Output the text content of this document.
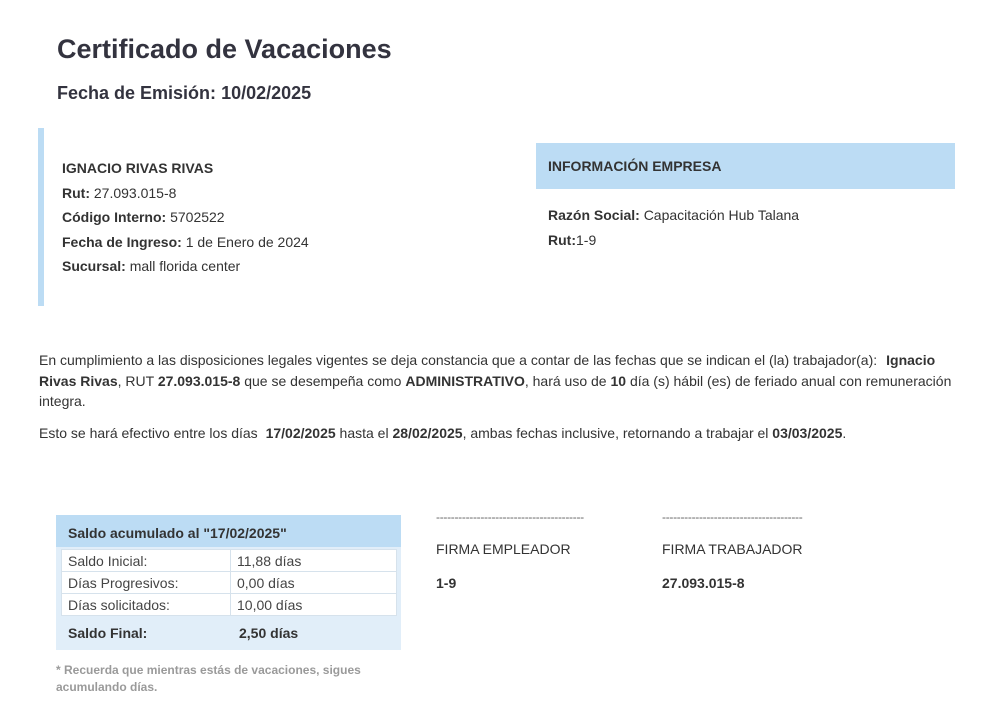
Certificado de Vacaciones

Fecha de Emisión: 10/02/2025

IGNACIO RIVAS RIVAS
Rut: 27.093.015-8
Código Interno: 5702522
Fecha de Ingreso: 1 de Enero de 2024
Sucursal: mall florida center
INFORMACIÓN EMPRESA
Razón Social: Capacitación Hub Talana
Rut:1-9

En cumplimiento a las disposiciones legales vigentes se deja constancia que a contar de las fechas que se indican el (la) trabajador(a): Ignacio Rivas Rivas, RUT 27.093.015-8 que se desempeña como ADMINISTRATIVO, hará uso de 10 día (s) hábil (es) de feriado anual con remuneración integra.

Esto se hará efectivo entre los días 17/02/2025 hasta el 28/02/2025, ambas fechas inclusive, retornando a trabajar el 03/03/2025.

Saldo acumulado al "17/02/2025"
Saldo Inicial:	11,88 días
Días Progresivos:	0,00 días
Días solicitados:	10,00 días
Saldo Final:	2,50 días

* Recuerda que mientras estás de vacaciones, sigues acumulando días.

----------------------------------------
FIRMA EMPLEADOR
1-9
--------------------------------------
FIRMA TRABAJADOR
27.093.015-8
